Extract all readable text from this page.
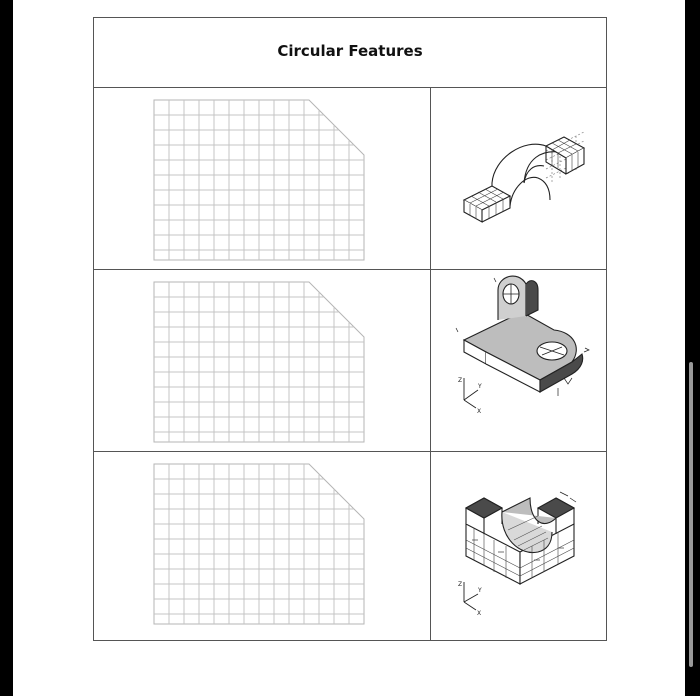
Circular Features
Z
Y
X
Z
Y
X
